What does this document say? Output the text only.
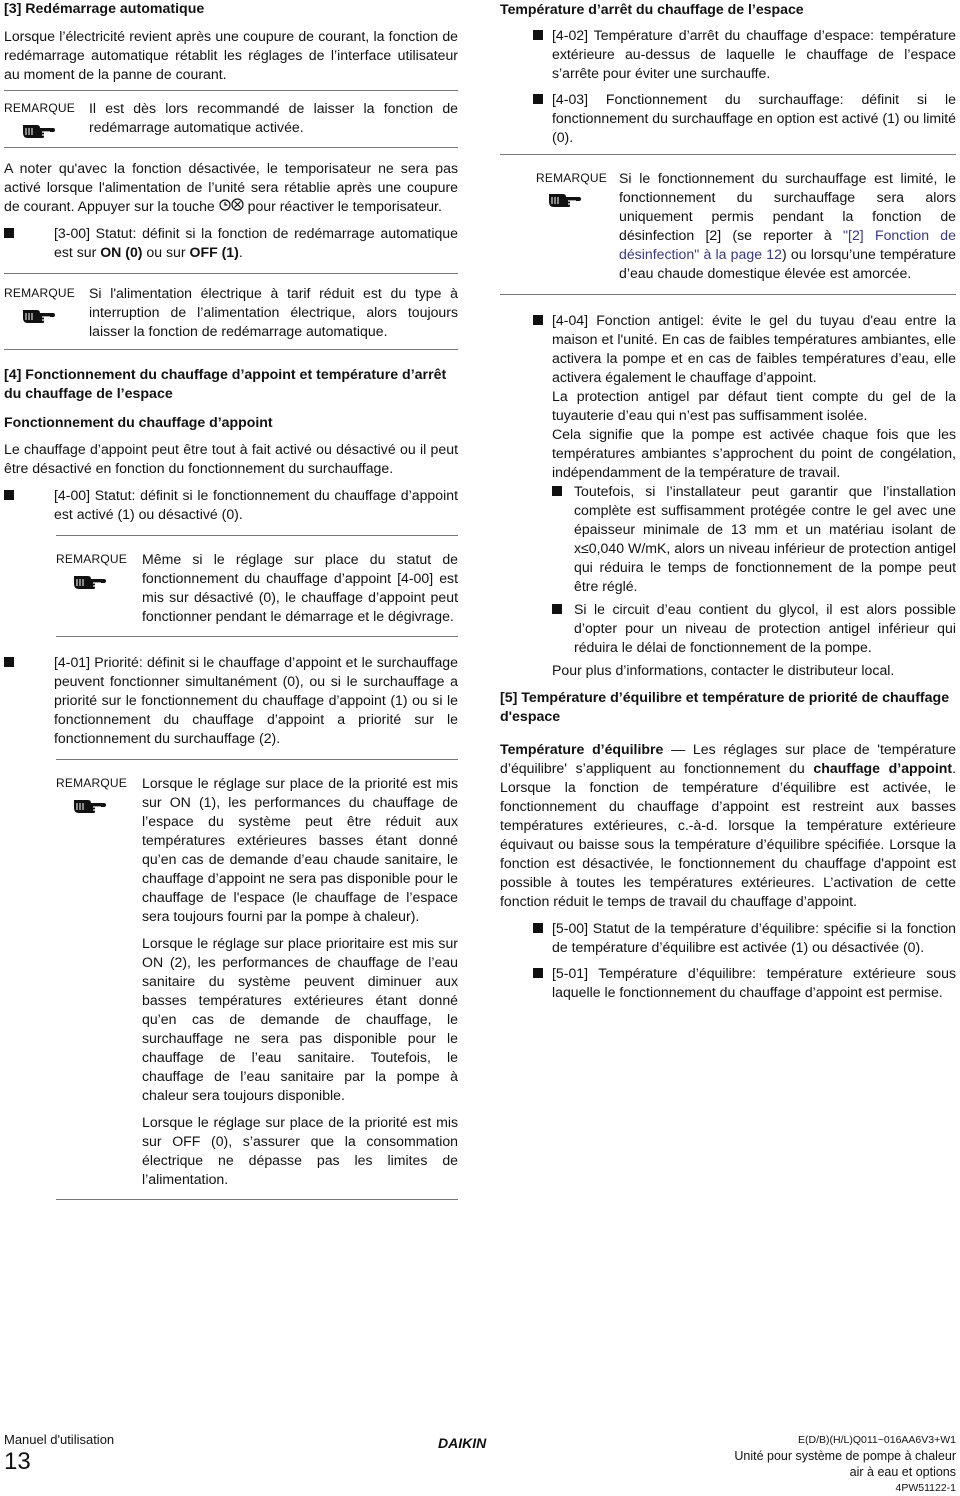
[3] Redémarrage automatique

Lorsque l’électricité revient après une coupure de courant, la fonction de redémarrage automatique rétablit les réglages de l’interface utilisateur au moment de la panne de courant.

REMARQUE Il est dès lors recommandé de laisser la fonction de redémarrage automatique activée.

A noter qu'avec la fonction désactivée, le temporisateur ne sera pas activé lorsque l'alimentation de l’unité sera rétablie après une coupure de courant. Appuyer sur la touche pour réactiver le temporisateur.

[3-00] Statut: définit si la fonction de redémarrage automatique est sur ON (0) ou sur OFF (1).

REMARQUE Si l'alimentation électrique à tarif réduit est du type à interruption de l’alimentation électrique, alors toujours laisser la fonction de redémarrage automatique.

[4] Fonctionnement du chauffage d’appoint et température d’arrêt du chauffage de l’espace
Fonctionnement du chauffage d’appoint

Le chauffage d’appoint peut être tout à fait activé ou désactivé ou il peut être désactivé en fonction du fonctionnement du surchauffage.

[4-00] Statut: définit si le fonctionnement du chauffage d’appoint est activé (1) ou désactivé (0).

REMARQUE Même si le réglage sur place du statut de fonctionnement du chauffage d’appoint [4-00] est mis sur désactivé (0), le chauffage d’appoint peut fonctionner pendant le démarrage et le dégivrage.

[4-01] Priorité: définit si le chauffage d’appoint et le surchauffage peuvent fonctionner simultanément (0), ou si le surchauffage a priorité sur le fonctionnement du chauffage d’appoint (1) ou si le fonctionnement du chauffage d’appoint a priorité sur le fonctionnement du surchauffage (2).

REMARQUE Lorsque le réglage sur place de la priorité est mis sur ON (1), les performances du chauffage de l’espace du système peut être réduit aux températures extérieures basses étant donné qu’en cas de demande d’eau chaude sanitaire, le chauffage d’appoint ne sera pas disponible pour le chauffage de l'espace (le chauffage de l’espace sera toujours fourni par la pompe à chaleur).

Lorsque le réglage sur place prioritaire est mis sur ON (2), les performances de chauffage de l’eau sanitaire du système peuvent diminuer aux basses températures extérieures étant donné qu’en cas de demande de chauffage, le surchauffage ne sera pas disponible pour le chauffage de l’eau sanitaire. Toutefois, le chauffage de l’eau sanitaire par la pompe à chaleur sera toujours disponible.

Lorsque le réglage sur place de la priorité est mis sur OFF (0), s’assurer que la consommation électrique ne dépasse pas les limites de l’alimentation.

Température d’arrêt du chauffage de l’espace

[4-02] Température d’arrêt du chauffage d’espace: température extérieure au-dessus de laquelle le chauffage de l’espace s’arrête pour éviter une surchauffe.

[4-03] Fonctionnement du surchauffage: définit si le fonctionnement du surchauffage en option est activé (1) ou limité (0).

REMARQUE Si le fonctionnement du surchauffage est limité, le fonctionnement du surchauffage sera alors uniquement permis pendant la fonction de désinfection [2] (se reporter à "[2] Fonction de désinfection" à la page 12) ou lorsqu’une température d’eau chaude domestique élevée est amorcée.

[4-04] Fonction antigel: évite le gel du tuyau d'eau entre la maison et l'unité. En cas de faibles températures ambiantes, elle activera la pompe et en cas de faibles températures d’eau, elle activera également le chauffage d’appoint.

La protection antigel par défaut tient compte du gel de la tuyauterie d’eau qui n’est pas suffisamment isolée.

Cela signifie que la pompe est activée chaque fois que les températures ambiantes s’approchent du point de congélation, indépendamment de la température de travail.

Toutefois, si l’installateur peut garantir que l’installation complète est suffisamment protégée contre le gel avec une épaisseur minimale de 13 mm et un matériau isolant de x≤0,040 W/mK, alors un niveau inférieur de protection antigel qui réduira le temps de fonctionnement de la pompe peut être réglé.

Si le circuit d’eau contient du glycol, il est alors possible d’opter pour un niveau de protection antigel inférieur qui réduira le délai de fonctionnement de la pompe.

Pour plus d’informations, contacter le distributeur local.

[5] Température d’équilibre et température de priorité de chauffage d'espace

Température d’équilibre — Les réglages sur place de 'température d’équilibre' s’appliquent au fonctionnement du chauffage d’appoint. Lorsque la fonction de température d’équilibre est activée, le fonctionnement du chauffage d’appoint est restreint aux basses températures extérieures, c.-à-d. lorsque la température extérieure équivaut ou baisse sous la température d’équilibre spécifiée. Lorsque la fonction est désactivée, le fonctionnement du chauffage d'appoint est possible à toutes les températures extérieures. L’activation de cette fonction réduit le temps de travail du chauffage d’appoint.

[5-00] Statut de la température d’équilibre: spécifie si la fonction de température d’équilibre est activée (1) ou désactivée (0).

[5-01] Température d’équilibre: température extérieure sous laquelle le fonctionnement du chauffage d’appoint est permise.

Manuel d'utilisation
13
DAIKIN	E(D/B)(H/L)Q011~016AA6V3+W1
Unité pour système de pompe à chaleur
air à eau et options
4PW51122-1
